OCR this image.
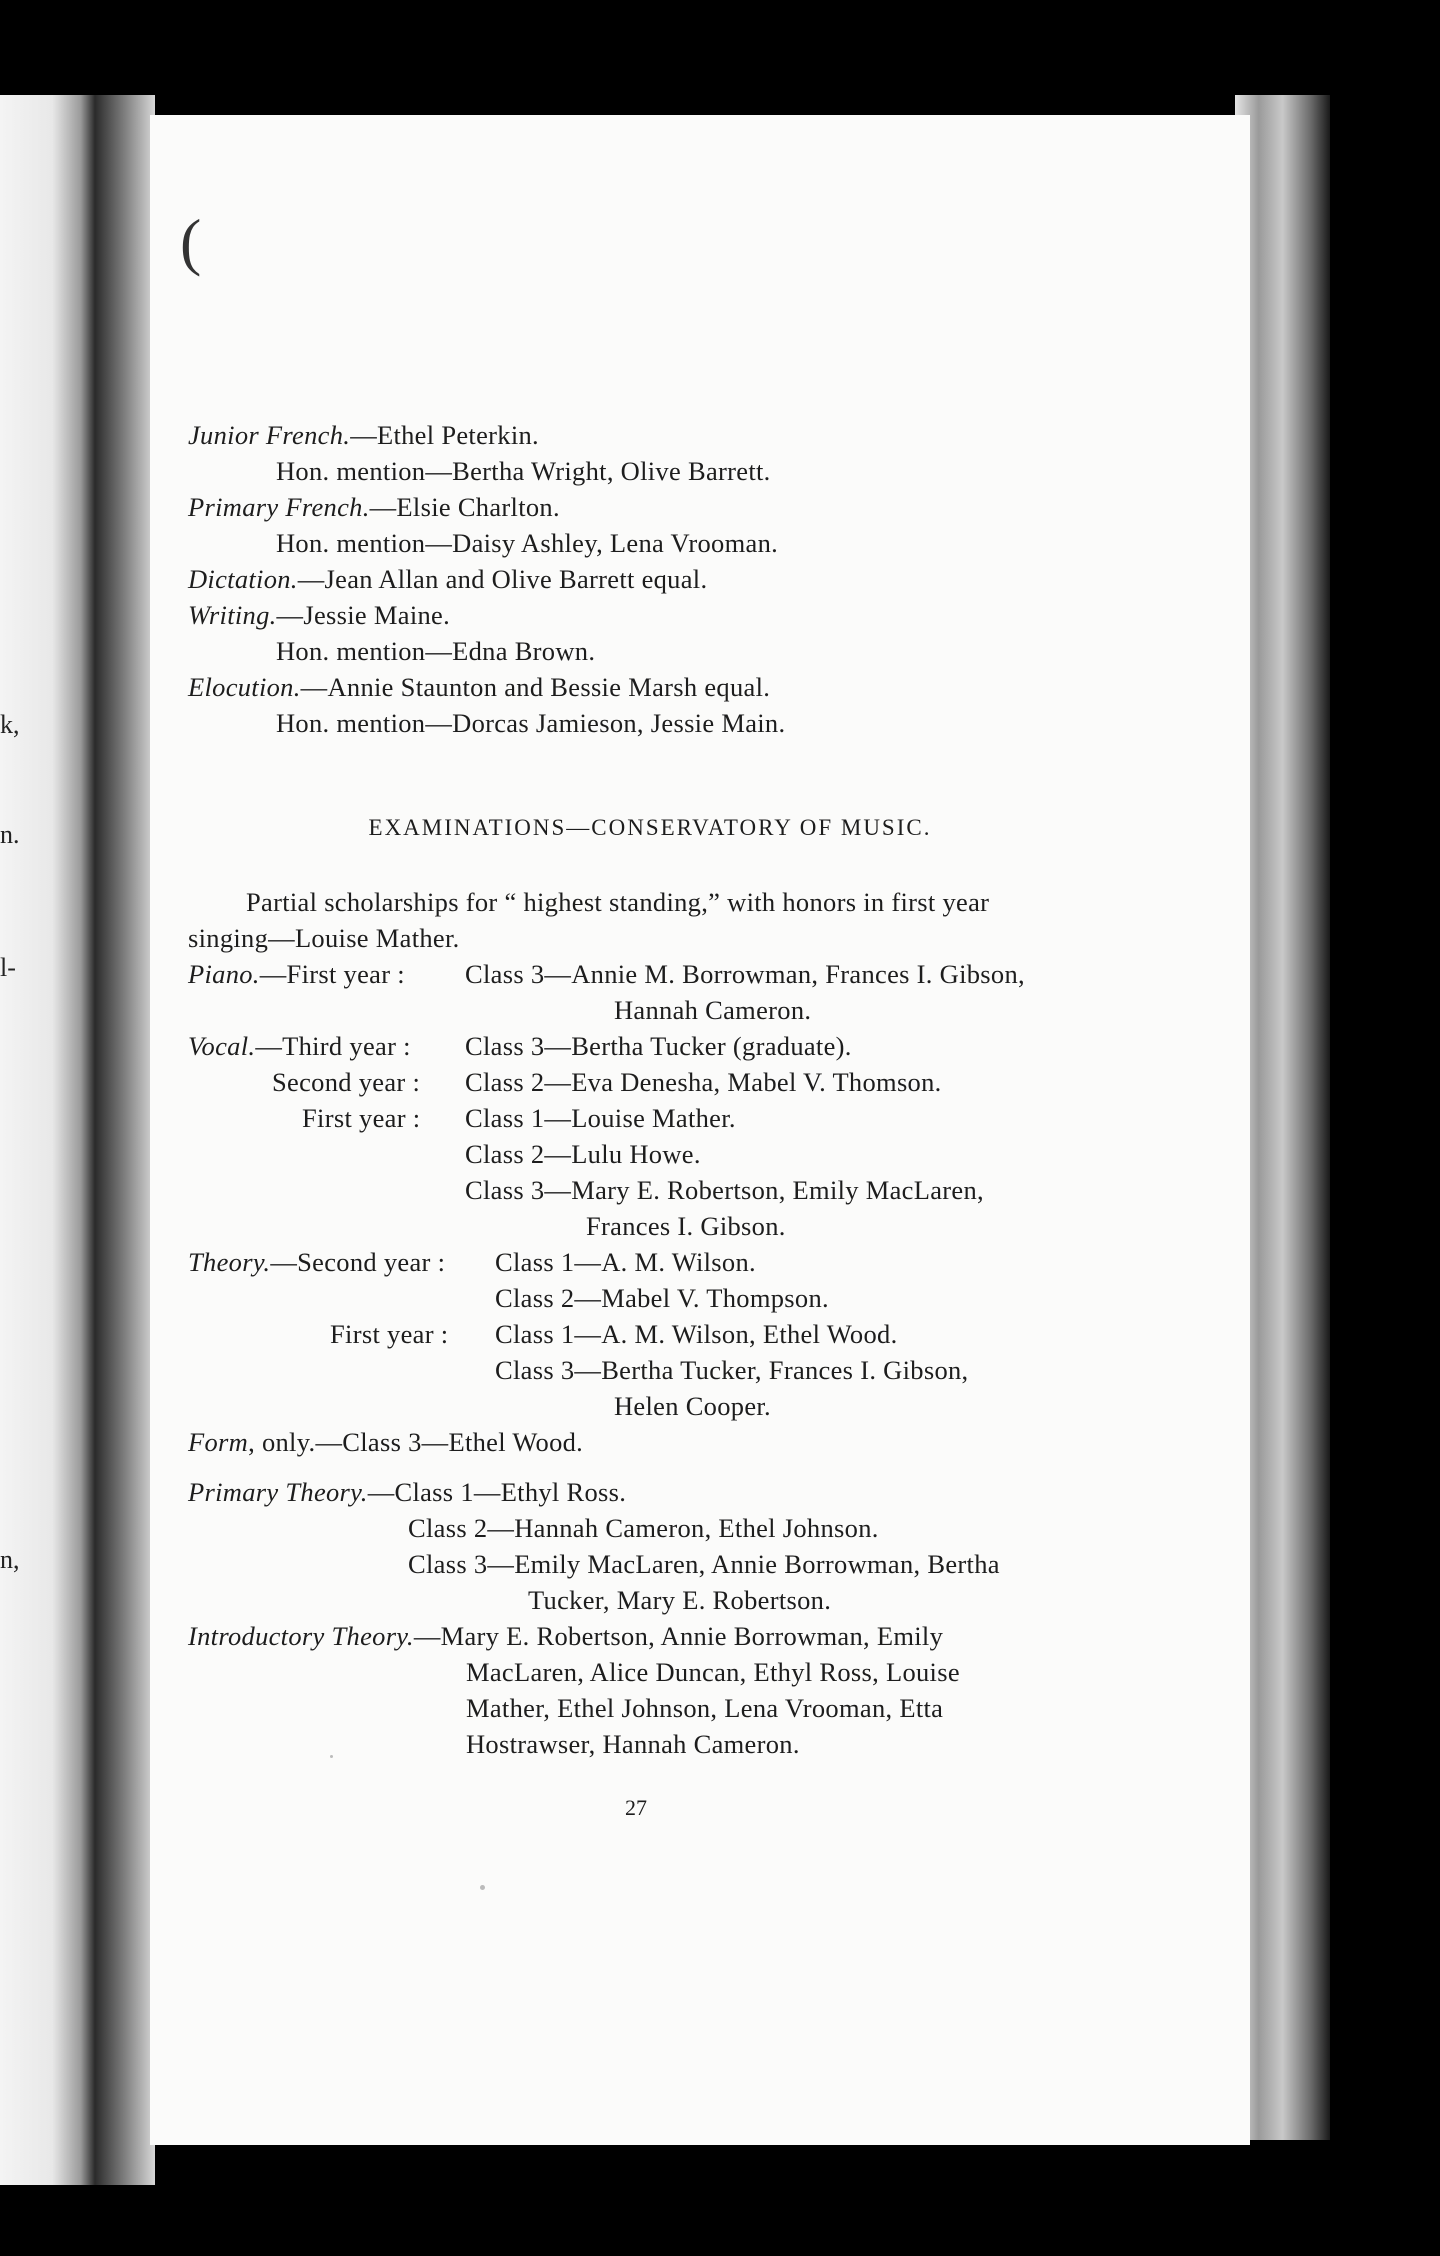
k,
n.
l-
n,
(
Junior French.—Ethel Peterkin.
Hon. mention—Bertha Wright, Olive Barrett.
Primary French.—Elsie Charlton.
Hon. mention—Daisy Ashley, Lena Vrooman.
Dictation.—Jean Allan and Olive Barrett equal.
Writing.—Jessie Maine.
Hon. mention—Edna Brown.
Elocution.—Annie Staunton and Bessie Marsh equal.
Hon. mention—Dorcas Jamieson, Jessie Main.
EXAMINATIONS—CONSERVATORY OF MUSIC.
Partial scholarships for “ highest standing,” with honors in first year
singing—Louise Mather.
Piano.—First year : Class 3—Annie M. Borrowman, Frances I. Gibson,
Hannah Cameron.
Vocal.—Third year : Class 3—Bertha Tucker (graduate).
Second year : Class 2—Eva Denesha, Mabel V. Thomson.
First year : Class 1—Louise Mather.
Class 2—Lulu Howe.
Class 3—Mary E. Robertson, Emily MacLaren,
Frances I. Gibson.
Theory.—Second year : Class 1—A. M. Wilson.
Class 2—Mabel V. Thompson.
First year : Class 1—A. M. Wilson, Ethel Wood.
Class 3—Bertha Tucker, Frances I. Gibson,
Helen Cooper.
Form, only.—Class 3—Ethel Wood.
Primary Theory.—Class 1—Ethyl Ross.
Class 2—Hannah Cameron, Ethel Johnson.
Class 3—Emily MacLaren, Annie Borrowman, Bertha
Tucker, Mary E. Robertson.
Introductory Theory.—Mary E. Robertson, Annie Borrowman, Emily
MacLaren, Alice Duncan, Ethyl Ross, Louise
Mather, Ethel Johnson, Lena Vrooman, Etta
Hostrawser, Hannah Cameron.
27
